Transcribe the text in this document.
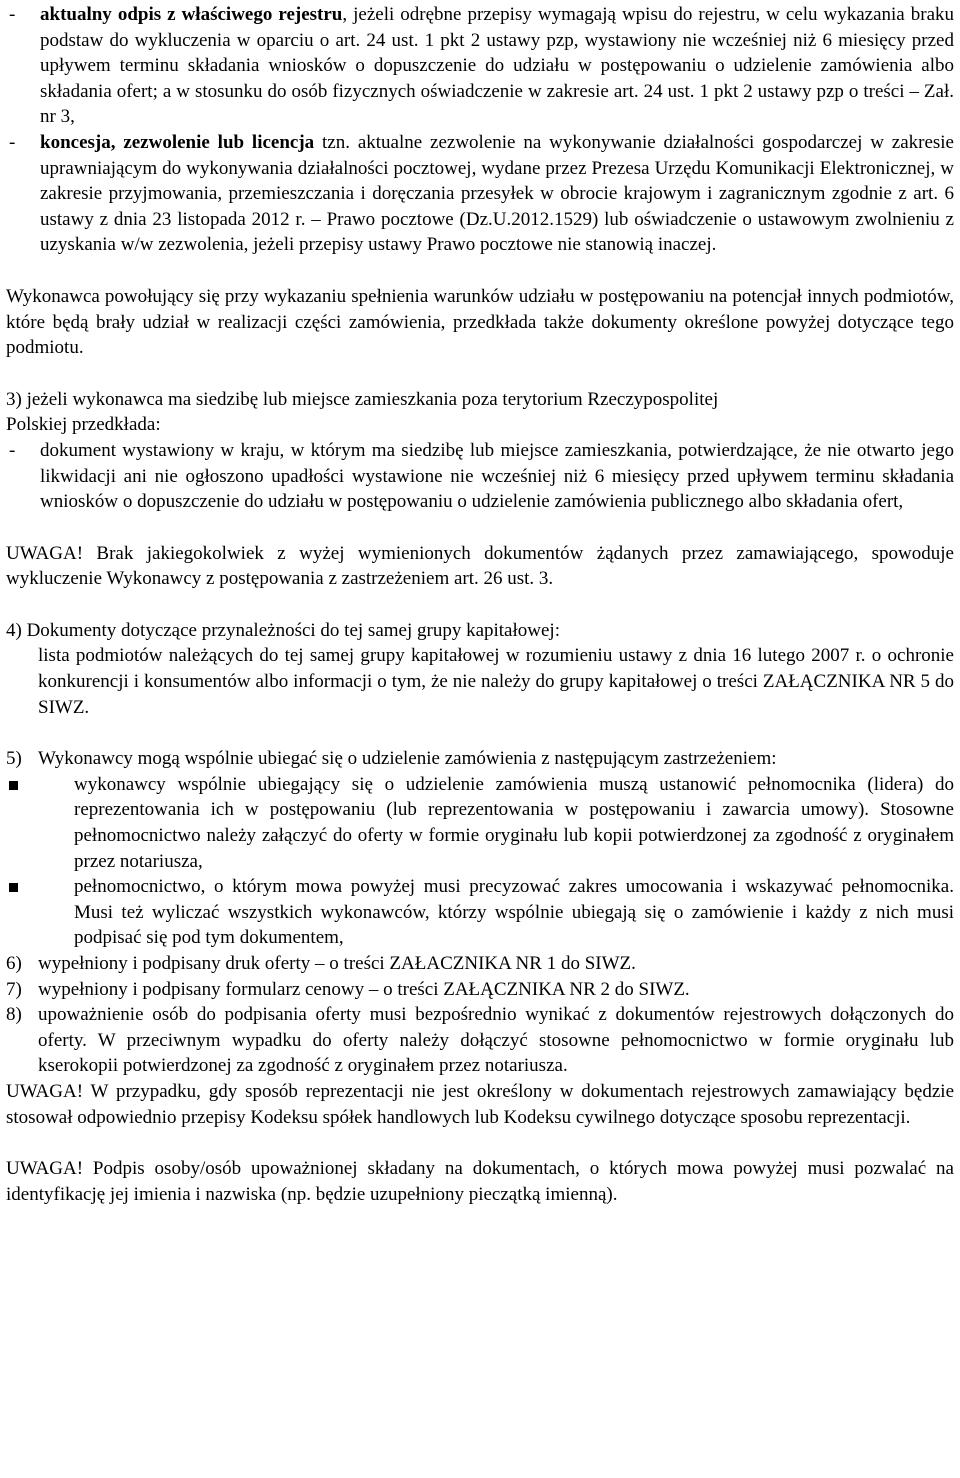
-	aktualny odpis z właściwego rejestru, jeżeli odrębne przepisy wymagają wpisu do rejestru, w celu wykazania braku podstaw do wykluczenia w oparciu o art. 24 ust. 1 pkt 2 ustawy pzp, wystawiony nie wcześniej niż 6 miesięcy przed upływem terminu składania wniosków o dopuszczenie do udziału w postępowaniu o udzielenie zamówienia albo składania ofert; a w stosunku do osób fizycznych oświadczenie w zakresie art. 24 ust. 1 pkt 2 ustawy pzp o treści – Zał. nr 3,
-	koncesja, zezwolenie lub licencja tzn. aktualne zezwolenie na wykonywanie działalności gospodarczej w zakresie uprawniającym do wykonywania działalności pocztowej, wydane przez Prezesa Urzędu Komunikacji Elektronicznej, w zakresie przyjmowania, przemieszczania i doręczania przesyłek w obrocie krajowym i zagranicznym zgodnie z art. 6 ustawy z dnia 23 listopada 2012 r. – Prawo pocztowe (Dz.U.2012.1529) lub oświadczenie o ustawowym zwolnieniu z uzyskania w/w zezwolenia, jeżeli przepisy ustawy Prawo pocztowe nie stanowią inaczej.

Wykonawca powołujący się przy wykazaniu spełnienia warunków udziału w postępowaniu na potencjał innych podmiotów, które będą brały udział w realizacji części zamówienia, przedkłada także dokumenty określone powyżej dotyczące tego podmiotu.

3) jeżeli wykonawca ma siedzibę lub miejsce zamieszkania poza terytorium Rzeczypospolitej

Polskiej przedkłada:

-	dokument wystawiony w kraju, w którym ma siedzibę lub miejsce zamieszkania, potwierdzające, że nie otwarto jego likwidacji ani nie ogłoszono upadłości wystawione nie wcześniej niż 6 miesięcy przed upływem terminu składania wniosków o dopuszczenie do udziału w postępowaniu o udzielenie zamówienia publicznego albo składania ofert,

UWAGA! Brak jakiegokolwiek z wyżej wymienionych dokumentów żądanych przez zamawiającego, spowoduje wykluczenie Wykonawcy z postępowania z zastrzeżeniem art. 26 ust. 3.

4) Dokumenty dotyczące przynależności do tej samej grupy kapitałowej:

lista podmiotów należących do tej samej grupy kapitałowej w rozumieniu ustawy z dnia 16 lutego 2007 r. o ochronie konkurencji i konsumentów albo informacji o tym, że nie należy do grupy kapitałowej o treści ZAŁĄCZNIKA NR 5 do SIWZ.
5) Wykonawcy mogą wspólnie ubiegać się o udzielenie zamówienia z następującym zastrzeżeniem:
wykonawcy wspólnie ubiegający się o udzielenie zamówienia muszą ustanowić pełnomocnika (lidera) do reprezentowania ich w postępowaniu (lub reprezentowania w postępowaniu i zawarcia umowy). Stosowne pełnomocnictwo należy załączyć do oferty w formie oryginału lub kopii potwierdzonej za zgodność z oryginałem przez notariusza,
pełnomocnictwo, o którym mowa powyżej musi precyzować zakres umocowania i wskazywać pełnomocnika. Musi też wyliczać wszystkich wykonawców, którzy wspólnie ubiegają się o zamówienie i każdy z nich musi podpisać się pod tym dokumentem,
6) wypełniony i podpisany druk oferty – o treści ZAŁACZNIKA NR 1 do SIWZ.
7) wypełniony i podpisany formularz cenowy – o treści ZAŁĄCZNIKA NR 2 do SIWZ.
8) upoważnienie osób do podpisania oferty musi bezpośrednio wynikać z dokumentów rejestrowych dołączonych do oferty. W przeciwnym wypadku do oferty należy dołączyć stosowne pełnomocnictwo w formie oryginału lub kserokopii potwierdzonej za zgodność z oryginałem przez notariusza.

UWAGA! W przypadku, gdy sposób reprezentacji nie jest określony w dokumentach rejestrowych zamawiający będzie stosował odpowiednio przepisy Kodeksu spółek handlowych lub Kodeksu cywilnego dotyczące sposobu reprezentacji.

UWAGA! Podpis osoby/osób upoważnionej składany na dokumentach, o których mowa powyżej musi pozwalać na identyfikację jej imienia i nazwiska (np. będzie uzupełniony pieczątką imienną).
